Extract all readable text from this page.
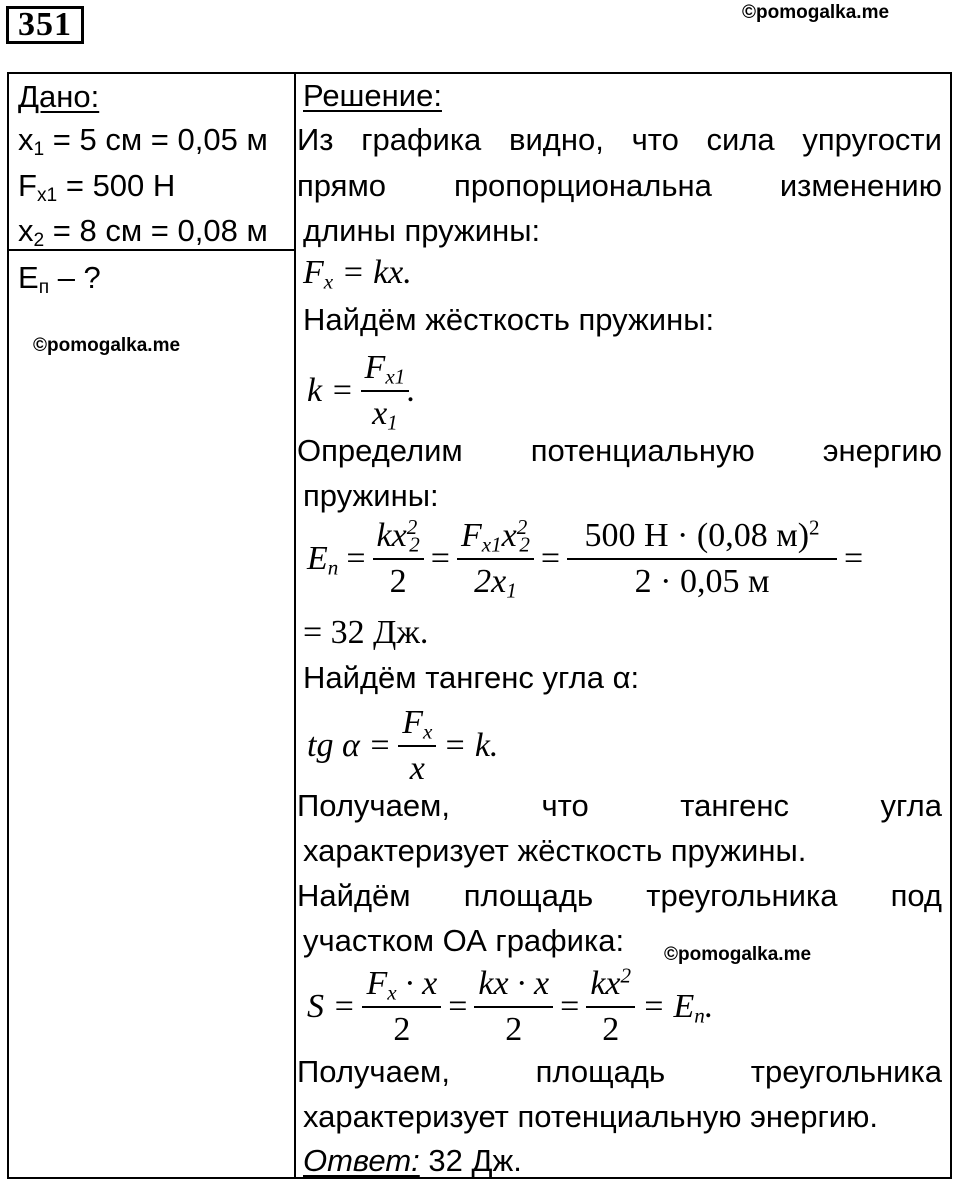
351	©pomogalka.me
Дано:
$x_1 = 5$ см = 0,05 м
$F_{x1} = 500$ Н
$x_2 = 8$ см = 0,08 м
$E_п$ – ?
©pomogalka.me
Решение:
Из графика видно, что сила упругости
прямо пропорциональна изменению
длины пружины:
$F_x$ = kx.
Найдём жёсткость пружины:
$k = \frac{F_{x1}}{x_1}$
.
Определим потенциальную энергию
пружины:
$E_п= \frac{kx^2_2}{2} = \frac{F_{x1}x^2_2}{2x_1} = \frac{500 Н \cdot (0,08 м)^2}{2 \cdot 0,05 м}$ =
= 32 Дж.
Найдём тангенс угла α:
tg $\alpha = \frac{F_x}{x} = k$.
Получаем,	что	тангенс	угла
характеризует жёсткость пружины.
Найдём площадь треугольника под
участком ОА графика: ©pomogalka.me
$S = \frac{F_x \cdot x}{2} = \frac{kx \cdot x}{2} = \frac{kx^2}{2} = E_п$.
Получаем,	площадь	треугольника
характеризует потенциальную энергию.
Ответ: 32 Дж.
